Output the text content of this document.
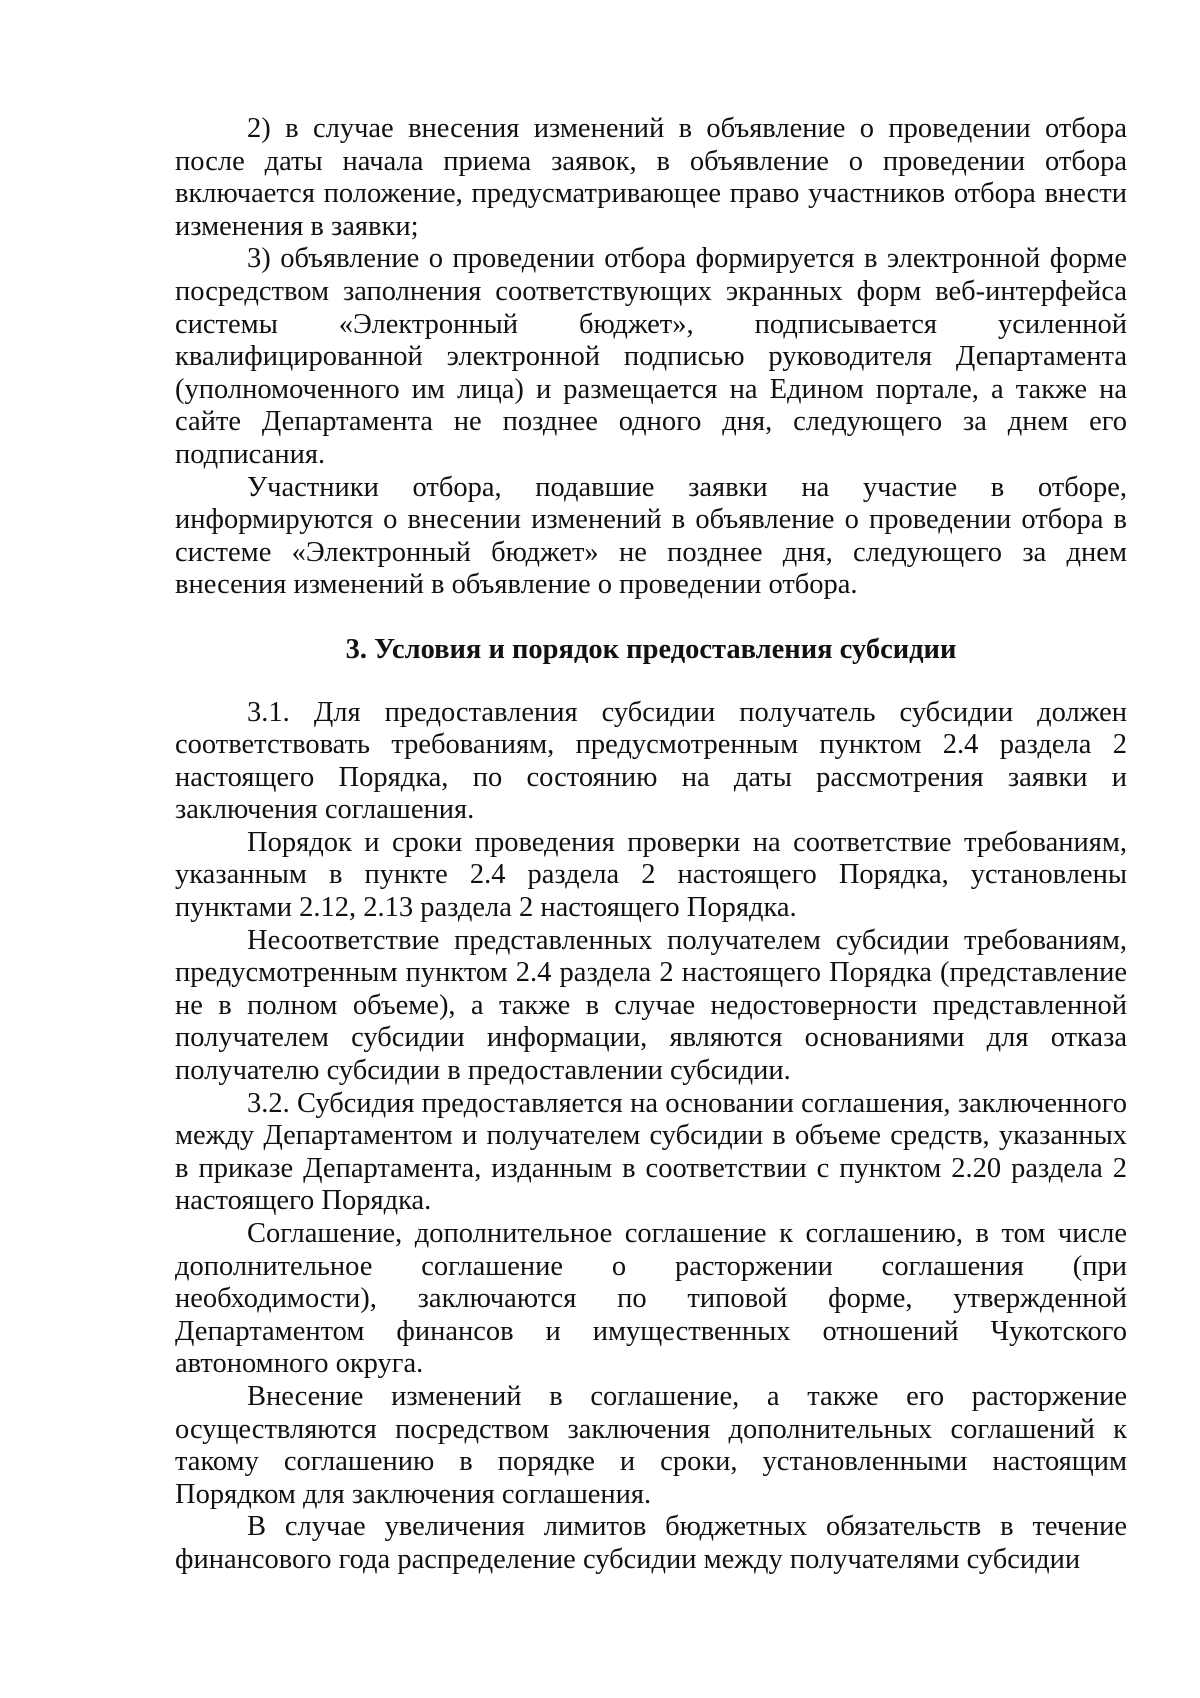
2) в случае внесения изменений в объявление о проведении отбора после даты начала приема заявок, в объявление о проведении отбора включается положение, предусматривающее право участников отбора внести изменения в заявки;

3) объявление о проведении отбора формируется в электронной форме посредством заполнения соответствующих экранных форм веб-интерфейса системы «Электронный бюджет», подписывается усиленной квалифицированной электронной подписью руководителя Департамента (уполномоченного им лица) и размещается на Едином портале, а также на сайте Департамента не позднее одного дня, следующего за днем его подписания.

Участники отбора, подавшие заявки на участие в отборе, информируются о внесении изменений в объявление о проведении отбора в системе «Электронный бюджет» не позднее дня, следующего за днем внесения изменений в объявление о проведении отбора.

3. Условия и порядок предоставления субсидии

3.1. Для предоставления субсидии получатель субсидии должен соответствовать требованиям, предусмотренным пунктом 2.4 раздела 2 настоящего Порядка, по состоянию на даты рассмотрения заявки и заключения соглашения.

Порядок и сроки проведения проверки на соответствие требованиям, указанным в пункте 2.4 раздела 2 настоящего Порядка, установлены пунктами 2.12, 2.13 раздела 2 настоящего Порядка.

Несоответствие представленных получателем субсидии требованиям, предусмотренным пунктом 2.4 раздела 2 настоящего Порядка (представление не в полном объеме), а также в случае недостоверности представленной получателем субсидии информации, являются основаниями для отказа получателю субсидии в предоставлении субсидии.

3.2. Субсидия предоставляется на основании соглашения, заключенного между Департаментом и получателем субсидии в объеме средств, указанных в приказе Департамента, изданным в соответствии с пунктом 2.20 раздела 2 настоящего Порядка.

Соглашение, дополнительное соглашение к соглашению, в том числе дополнительное соглашение о расторжении соглашения (при необходимости), заключаются по типовой форме, утвержденной Департаментом финансов и имущественных отношений Чукотского автономного округа.

Внесение изменений в соглашение, а также его расторжение осуществляются посредством заключения дополнительных соглашений к такому соглашению в порядке и сроки, установленными настоящим Порядком для заключения соглашения.

В случае увеличения лимитов бюджетных обязательств в течение финансового года распределение субсидии между получателями субсидии
